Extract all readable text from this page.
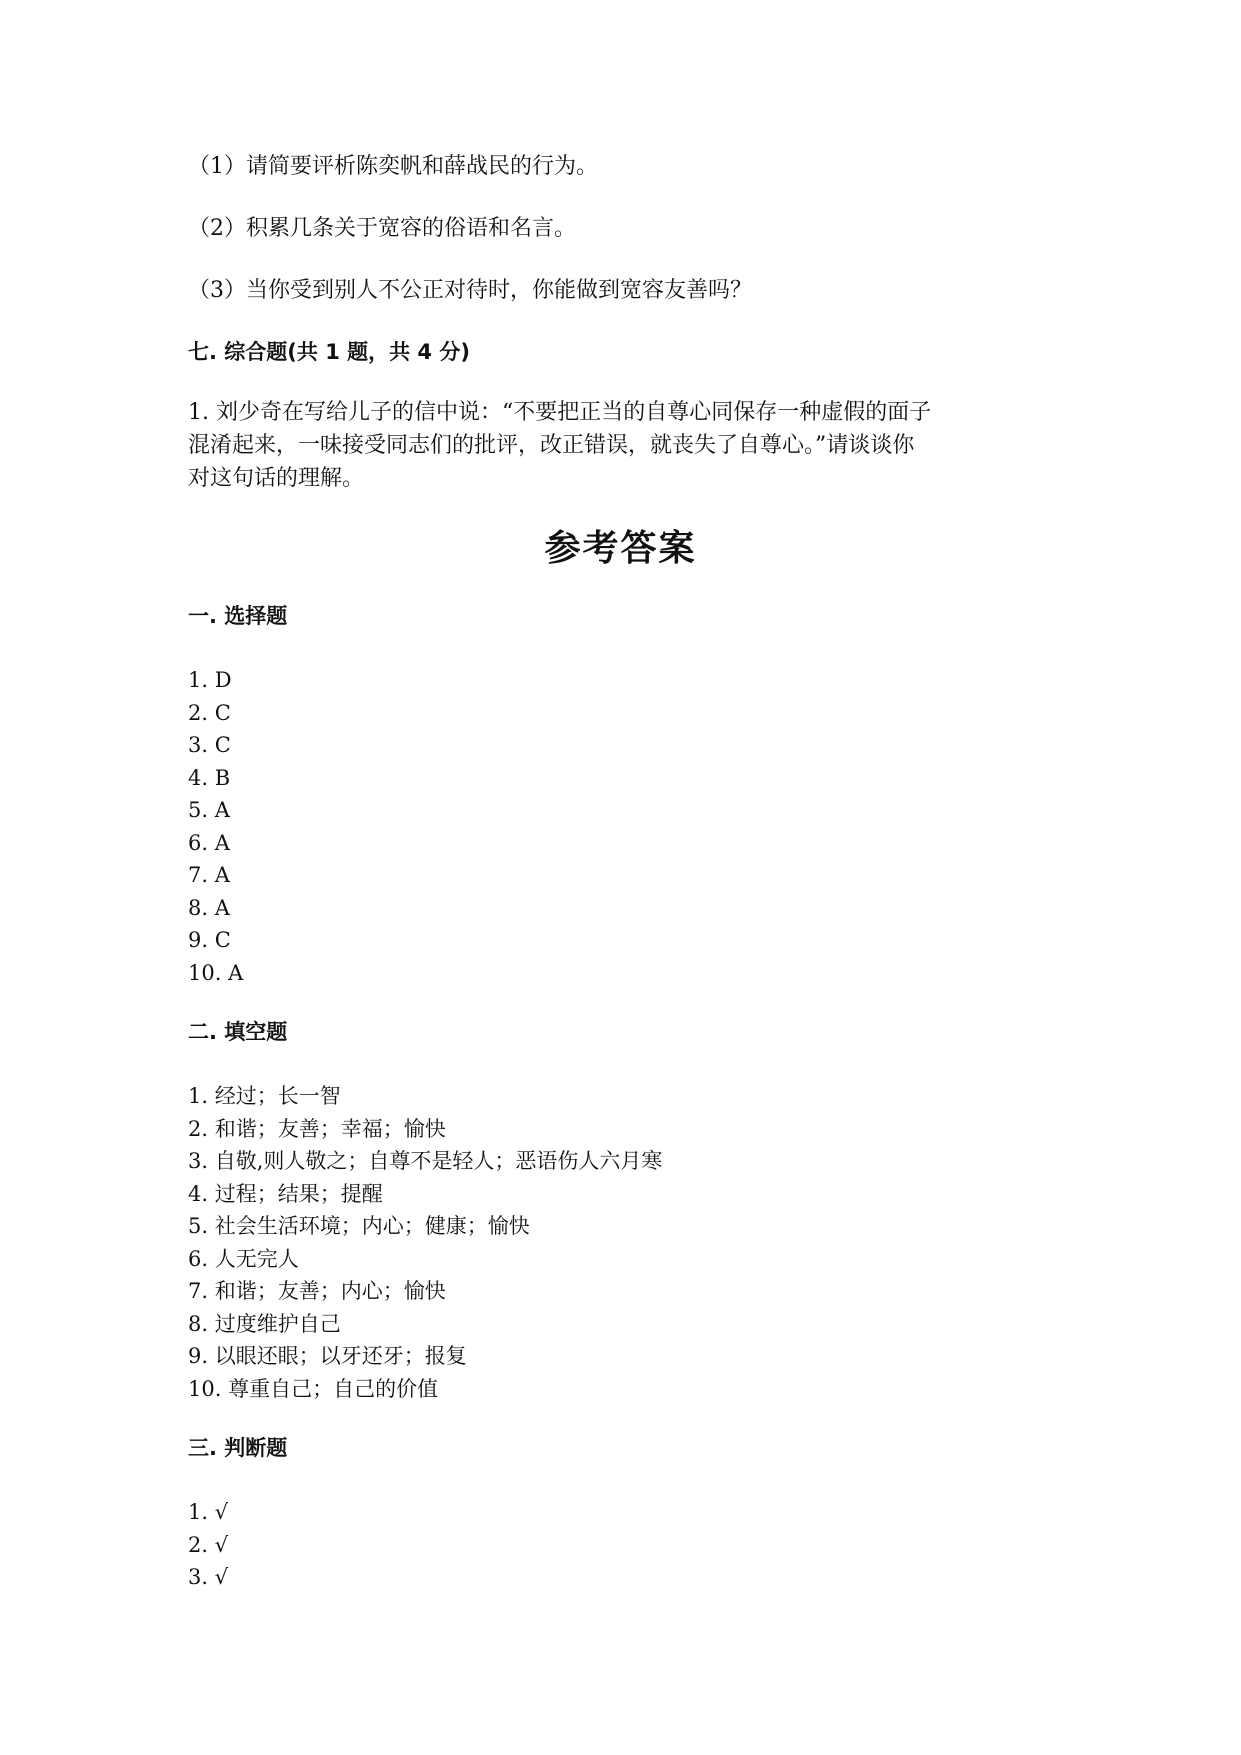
（1）请简要评析陈奕帆和薛战民的行为。
（2）积累几条关于宽容的俗语和名言。
（3）当你受到别人不公正对待时，你能做到宽容友善吗？
七. 综合题(共 1 题，共 4 分)
1. 刘少奇在写给儿子的信中说：“不要把正当的自尊心同保存一种虚假的面子
混淆起来，一味接受同志们的批评，改正错误，就丧失了自尊心。”请谈谈你
对这句话的理解。
参考答案
一. 选择题
1. D
2. C
3. C
4. B
5. A
6. A
7. A
8. A
9. C
10. A
二. 填空题
1. 经过；长一智
2. 和谐；友善；幸福；愉快
3. 自敬,则人敬之；自尊不是轻人；恶语伤人六月寒
4. 过程；结果；提醒
5. 社会生活环境；内心；健康；愉快
6. 人无完人
7. 和谐；友善；内心；愉快
8. 过度维护自己
9. 以眼还眼；以牙还牙；报复
10. 尊重自己；自己的价值
三. 判断题
1. √
2. √
3. √
